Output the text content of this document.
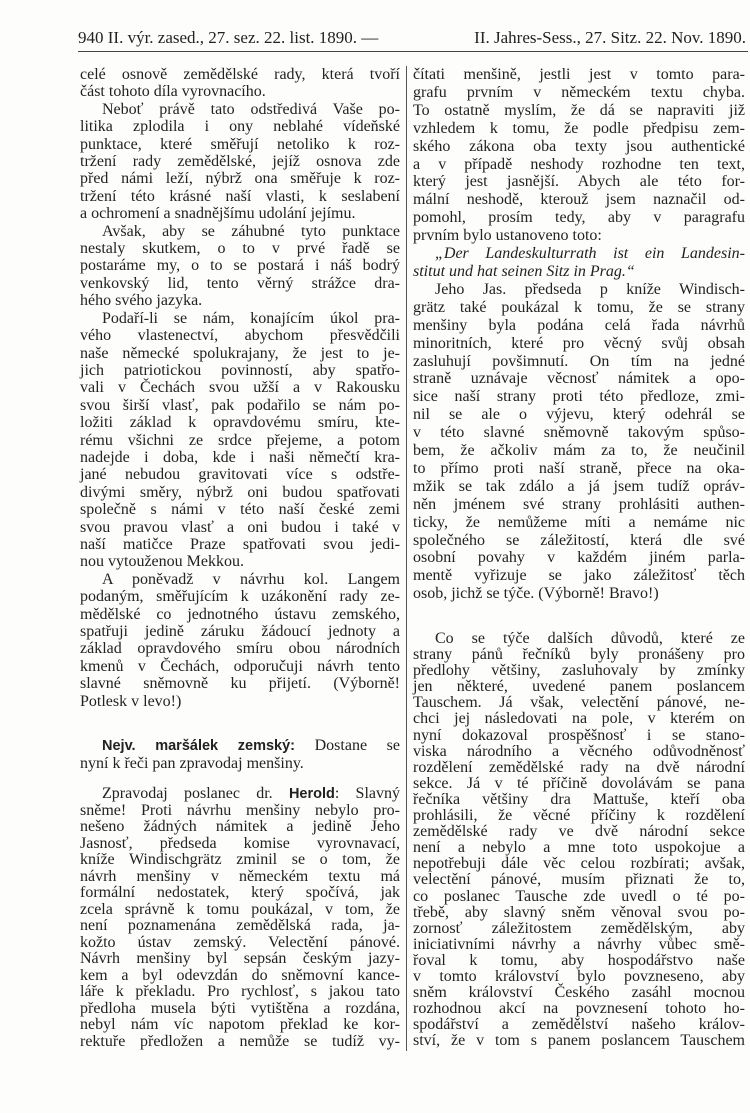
940 II. výr. zased., 27. sez. 22. list. 1890. —	II. Jahres-Sess., 27. Sitz. 22. Nov. 1890.
celé osnově zemědělské rady, která tvoří
část tohoto díla vyrovnacího.
Neboť právě tato odstředivá Vaše po-
litika zplodila i ony neblahé vídeňské
punktace, které směřují netoliko k roz-
tržení rady zemědělské, jejíž osnova zde
před námi leží, nýbrž ona směřuje k roz-
tržení této krásné naší vlasti, k seslabení
a ochromení a snadnějšímu udolání jejímu.
Avšak, aby se záhubné tyto punktace
nestaly skutkem, o to v prvé řadě se
postaráme my, o to se postará i náš bodrý
venkovský lid, tento věrný strážce dra-
hého svého jazyka.
Podaří-li se nám, konajícím úkol pra-
vého vlastenectví, abychom přesvědčili
naše německé spolukrajany, že jest to je-
jich patriotickou povinností, aby spatřo-
vali v Čechách svou užší a v Rakousku
svou širší vlasť, pak podařilo se nám po-
ložiti základ k opravdovému smíru, kte-
rému všichni ze srdce přejeme, a potom
nadejde i doba, kde i naši němečtí kra-
jané nebudou gravitovati více s odstře-
divými směry, nýbrž oni budou spatřovati
společně s námi v této naší české zemi
svou pravou vlasť a oni budou i také v
naší matičce Praze spatřovati svou jedi-
nou vytouženou Mekkou.
A poněvadž v návrhu kol. Langem
podaným, směřujícím k uzákonění rady ze-
mědělské co jednotného ústavu zemského,
spatřuji jedině záruku žádoucí jednoty a
základ opravdového smíru obou národních
kmenů v Čechách, odporučuji návrh tento
slavné sněmovně ku přijetí. (Výborně!
Potlesk v levo!)
Nejv. maršálek zemský: Dostane se
nyní k řeči pan zpravodaj menšiny.
Zpravodaj poslanec dr. Herold: Slavný
sněme! Proti návrhu menšiny nebylo pro-
nešeno žádných námitek a jedině Jeho
Jasnosť, předseda komise vyrovnavací,
kníže Windischgrätz zminil se o tom, že
návrh menšiny v německém textu má
formální nedostatek, který spočívá, jak
zcela správně k tomu poukázal, v tom, že
není poznamenána zemědělská rada, ja-
kožto ústav zemský. Velectění pánové.
Návrh menšiny byl sepsán českým jazy-
kem a byl odevzdán do sněmovní kance-
láře k překladu. Pro rychlosť, s jakou tato
předloha musela býti vytištěna a rozdána,
nebyl nám víc napotom překlad ke kor-
rektuře předložen a nemůže se tudíž vy-
čítati menšině, jestli jest v tomto para-
grafu prvním v německém textu chyba.
To ostatně myslím, že dá se napraviti již
vzhledem k tomu, že podle předpisu zem-
ského zákona oba texty jsou authentické
a v případě neshody rozhodne ten text,
který jest jasnější. Abych ale této for-
mální neshodě, kterouž jsem naznačil od-
pomohl, prosím tedy, aby v paragrafu
prvním bylo ustanoveno toto:
„Der Landeskulturrath ist ein Landesin-
stitut und hat seinen Sitz in Prag.“
Jeho Jas. předseda p kníže Windisch-
grätz také poukázal k tomu, že se strany
menšiny byla podána celá řada návrhů
minoritních, které pro věcný svůj obsah
zasluhují povšimnutí. On tím na jedné
straně uznávaje věcnosť námitek a opo-
sice naší strany proti této předloze, zmi-
nil se ale o výjevu, který odehrál se
v této slavné sněmovně takovým spůso-
bem, že ačkoliv mám za to, že neučinil
to přímo proti naší straně, přece na oka-
mžik se tak zdálo a já jsem tudíž opráv-
něn jménem své strany prohlásiti authen-
ticky, že nemůžeme míti a nemáme nic
společného se záležitostí, která dle své
osobní povahy v každém jiném parla-
mentě vyřizuje se jako záležitosť těch
osob, jichž se týče. (Výborně! Bravo!)
Co se týče dalších důvodů, které ze
strany pánů řečníků byly pronášeny pro
předlohy většiny, zasluhovaly by zmínky
jen některé, uvedené panem poslancem
Tauschem. Já však, velectění pánové, ne-
chci jej následovati na pole, v kterém on
nyní dokazoval prospěšnosť i se stano-
viska národního a věcného odůvodněnosť
rozdělení zemědělské rady na dvě národní
sekce. Já v té příčině dovolávám se pana
řečníka většiny dra Mattuše, kteří oba
prohlásili, že věcné příčiny k rozdělení
zemědělské rady ve dvě národní sekce
není a nebylo a mne toto uspokojue a
nepotřebuji dále věc celou rozbírati; avšak,
velectění pánové, musím přiznati že to,
co poslanec Tausche zde uvedl o té po-
třebě, aby slavný sněm věnoval svou po-
zornosť záležitostem zemědělským, aby
iniciativními návrhy a návrhy vůbec smě-
řoval k tomu, aby hospodářstvo naše
v tomto království bylo povzneseno, aby
sněm království Českého zasáhl mocnou
rozhodnou akcí na povznesení tohoto ho-
spodářství a zemědělství našeho králov-
ství, že v tom s panem poslancem Tauschem
